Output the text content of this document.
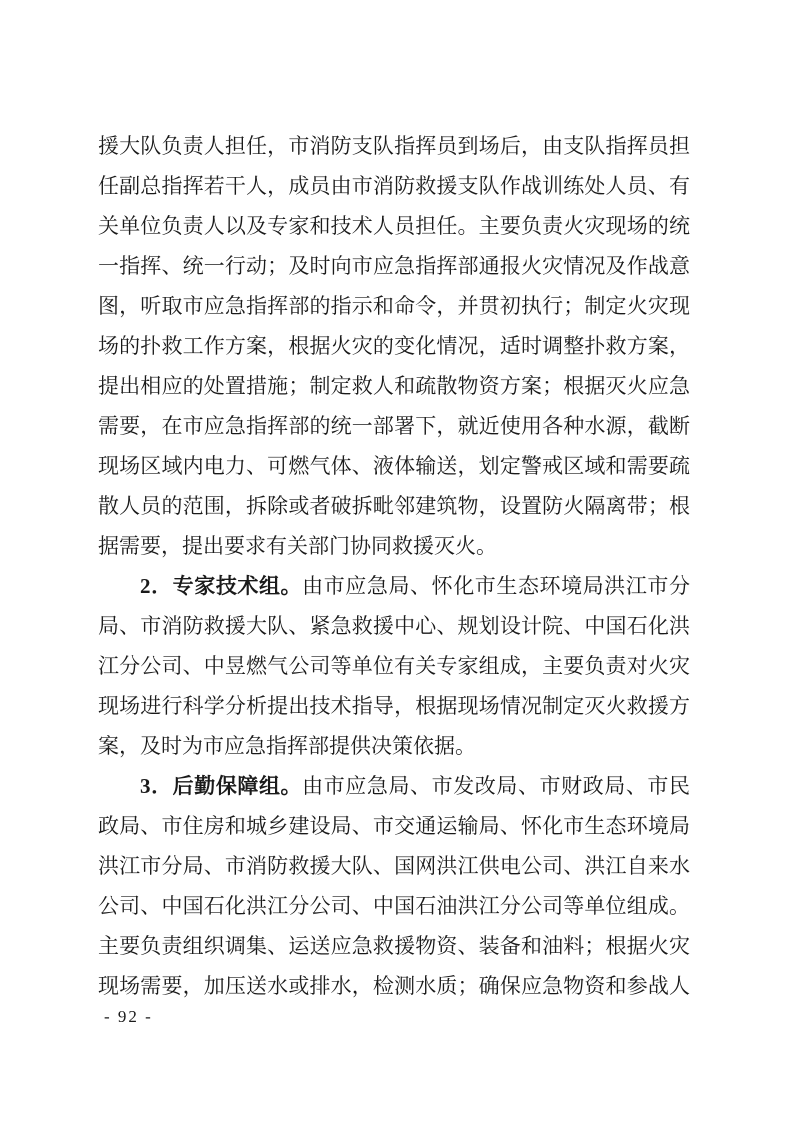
援大队负责人担任，市消防支队指挥员到场后，由支队指挥员担
任副总指挥若干人，成员由市消防救援支队作战训练处人员、有
关单位负责人以及专家和技术人员担任。主要负责火灾现场的统
一指挥、统一行动；及时向市应急指挥部通报火灾情况及作战意
图，听取市应急指挥部的指示和命令，并贯初执行；制定火灾现
场的扑救工作方案，根据火灾的变化情况，适时调整扑救方案，
提出相应的处置措施；制定救人和疏散物资方案；根据灭火应急
需要，在市应急指挥部的统一部署下，就近使用各种水源，截断
现场区域内电力、可燃气体、液体输送，划定警戒区域和需要疏
散人员的范围，拆除或者破拆毗邻建筑物，设置防火隔离带；根
据需要，提出要求有关部门协同救援灭火。
2．专家技术组。由市应急局、怀化市生态环境局洪江市分
局、市消防救援大队、紧急救援中心、规划设计院、中国石化洪
江分公司、中昱燃气公司等单位有关专家组成，主要负责对火灾
现场进行科学分析提出技术指导，根据现场情况制定灭火救援方
案，及时为市应急指挥部提供决策依据。
3．后勤保障组。由市应急局、市发改局、市财政局、市民
政局、市住房和城乡建设局、市交通运输局、怀化市生态环境局
洪江市分局、市消防救援大队、国网洪江供电公司、洪江自来水
公司、中国石化洪江分公司、中国石油洪江分公司等单位组成。
主要负责组织调集、运送应急救援物资、装备和油料；根据火灾
现场需要，加压送水或排水，检测水质；确保应急物资和参战人
- 92 -
